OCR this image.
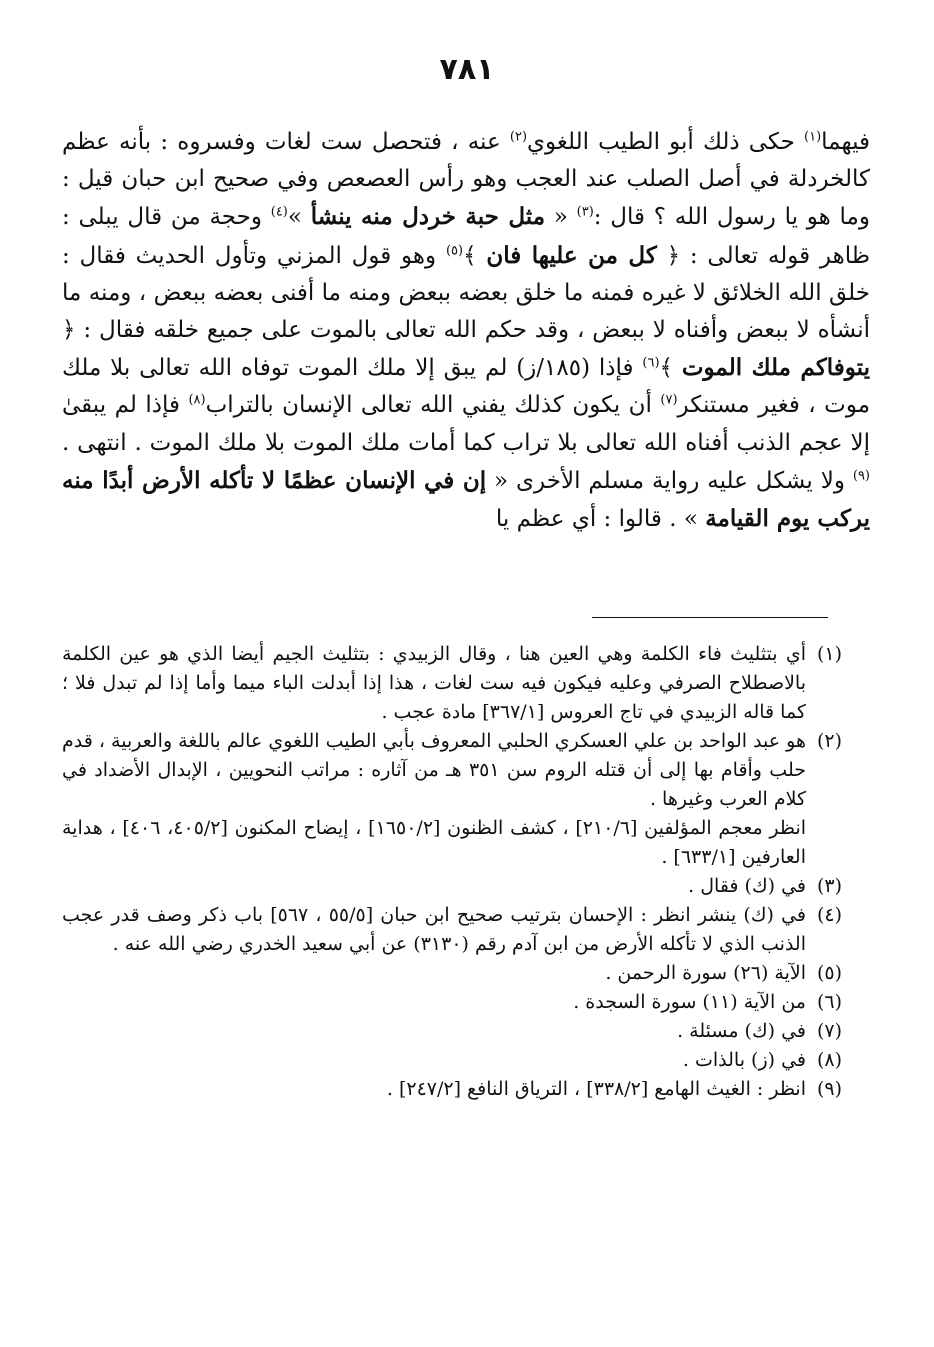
٧٨١

فيهما$^{(١)}$ حكى ذلك أبو الطيب اللغوي$^{(٢)}$ عنه ، فتحصل ست لغات وفسروه : بأنه عظم كالخردلة في أصل الصلب عند العجب وهو رأس العصعص وفي صحيح ابن حبان قيل : وما هو يا رسول الله ؟ قال :$^{(٣)}$ « مثل حبة خردل منه ينشأ »$^{(٤)}$ وحجة من قال يبلى : ظاهر قوله تعالى : ﴿ كل من عليها فان ﴾$^{(٥)}$ وهو قول المزني وتأول الحديث فقال : خلق الله الخلائق لا غيره فمنه ما خلق بعضه ببعض ومنه ما أفنى بعضه ببعض ، ومنه ما أنشأه لا ببعض وأفناه لا ببعض ، وقد حكم الله تعالى بالموت على جميع خلقه فقال : ﴿ يتوفاكم ملك الموت ﴾$^{(٦)}$ فإذا (١٨٥/ز) لم يبق إلا ملك الموت توفاه الله تعالى بلا ملك موت ، فغير مستنكر$^{(٧)}$ أن يكون كذلك يفني الله تعالى الإنسان بالتراب$^{(٨)}$ فإذا لم يبقىٰ إلا عجم الذنب أفناه الله تعالى بلا تراب كما أمات ملك الموت بلا ملك الموت . انتهى .$^{(٩)}$ ولا يشكل عليه رواية مسلم الأخرى « إن في الإنسان عظمًا لا تأكله الأرض أبدًا منه يركب يوم القيامة » . قالوا : أي عظم يا

(١)
أي بتثليث فاء الكلمة وهي العين هنا ، وقال الزبيدي : بتثليث الجيم أيضا الذي هو عين الكلمة بالاصطلاح الصرفي وعليه فيكون فيه ست لغات ، هذا إذا أبدلت الباء ميما وأما إذا لم تبدل فلا ؛ كما قاله الزبيدي في تاج العروس [٣٦٧/١] مادة عجب .

(٢)
هو عبد الواحد بن علي العسكري الحلبي المعروف بأبي الطيب اللغوي عالم باللغة والعربية ، قدم حلب وأقام بها إلى أن قتله الروم سن ٣٥١ هـ من آثاره : مراتب النحويين ، الإبدال الأضداد في كلام العرب وغيرها .

انظر معجم المؤلفين [٢١٠/٦] ، كشف الظنون [١٦٥٠/٢] ، إيضاح المكنون [٤٠٥/٢، ٤٠٦] ، هداية العارفين [٦٣٣/١] .

(٣)
في (ك) فقال .

(٤)
في (ك) ينشر انظر : الإحسان بترتيب صحيح ابن حبان [٥٥/٥ ، ٥٦٧] باب ذكر وصف قدر عجب الذنب الذي لا تأكله الأرض من ابن آدم رقم (٣١٣٠) عن أبي سعيد الخدري رضي الله عنه .

(٥)
الآية (٢٦) سورة الرحمن .

(٦)
من الآية (١١) سورة السجدة .

(٧)
في (ك) مسئلة .

(٨)
في (ز) بالذات .

(٩)
انظر : الغيث الهامع [٣٣٨/٢] ، الترياق النافع [٢٤٧/٢] .
